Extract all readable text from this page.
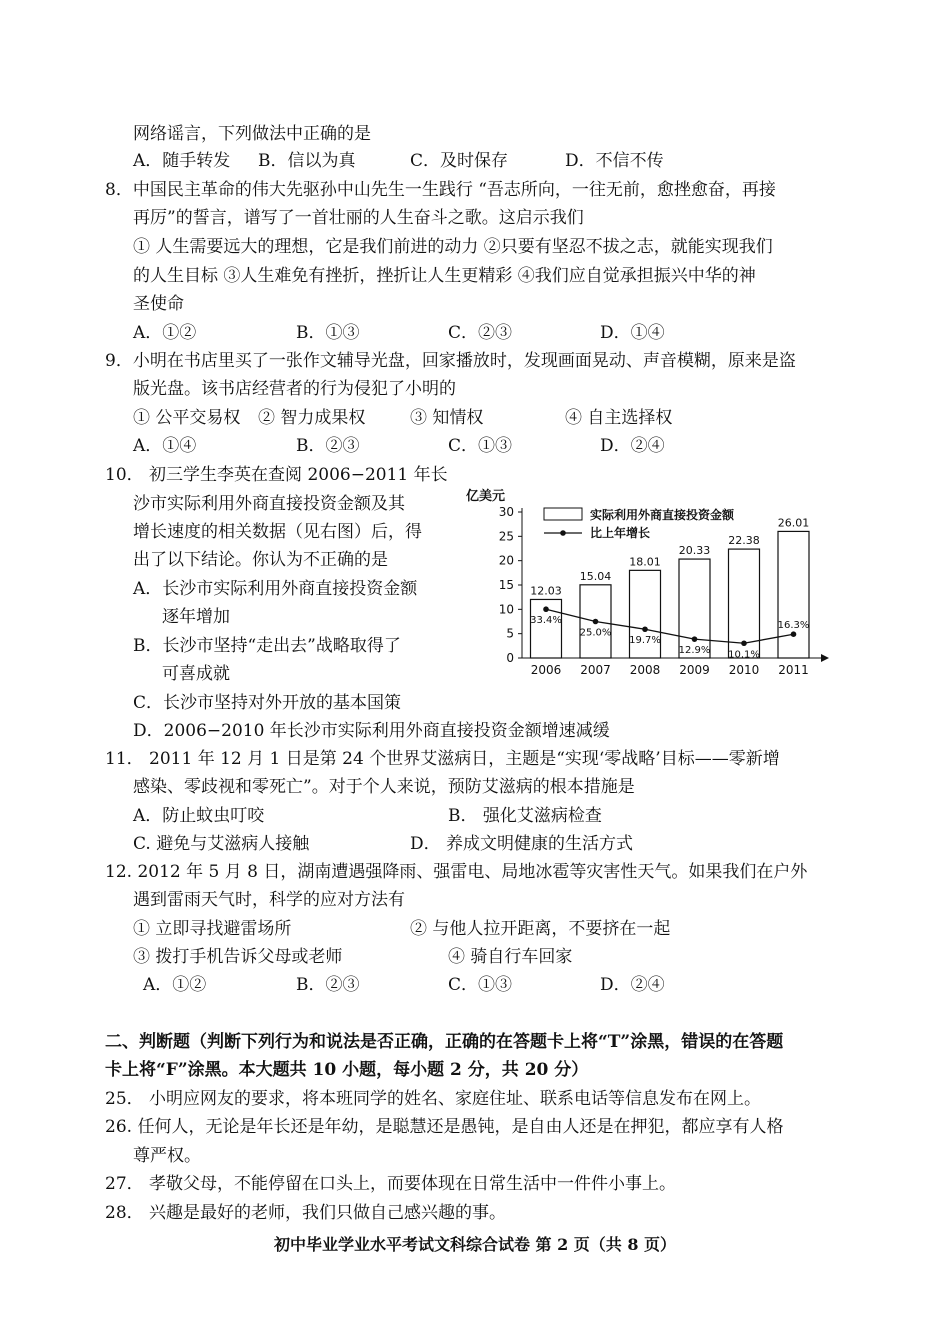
网络谣言，下列做法中正确的是
A．随手转发 B．信以为真	C．及时保存	D．不信不传
8．中国民主革命的伟大先驱孙中山先生一生践行 “吾志所向，一往无前，愈挫愈奋，再接
再厉”的誓言，谱写了一首壮丽的人生奋斗之歌。这启示我们
① 人生需要远大的理想，它是我们前进的动力 ②只要有坚忍不拔之志，就能实现我们
的人生目标 ③人生难免有挫折，挫折让人生更精彩 ④我们应自觉承担振兴中华的神
圣使命
A．①②	B．①③	C．②③	D．①④
9．小明在书店里买了一张作文辅导光盘，回家播放时，发现画面晃动、声音模糊，原来是盗
版光盘。该书店经营者的行为侵犯了小明的
① 公平交易权 ② 智力成果权	③ 知情权	④ 自主选择权
A．①④	B．②③	C．①③	D．②④
10． 初三学生李英在查阅 2006−2011 年长
沙市实际利用外商直接投资金额及其
增长速度的相关数据（见右图）后，得
出了以下结论。你认为不正确的是
A．长沙市实际利用外商直接投资金额
逐年增加
B．长沙市坚持“走出去”战略取得了
可喜成就
C．长沙市坚持对外开放的基本国策
D．2006−2010 年长沙市实际利用外商直接投资金额增速减缓
亿美元
0
5
10
15
20
25
30
12.03
2006
15.04
2007
18.01
2008
20.33
2009
22.38
2010
26.01
2011
33.4%
25.0%
19.7%
12.9% 10.1%
16.3%
实际利用外商直接投资金额
比上年增长
11． 2011 年 12 月 1 日是第 24 个世界艾滋病日，主题是“实现‘零战略’目标——零新增
感染、零歧视和零死亡”。对于个人来说，预防艾滋病的根本措施是
A．防止蚊虫叮咬	B． 强化艾滋病检查
C. 避免与艾滋病人接触	D． 养成文明健康的生活方式
12. 2012 年 5 月 8 日，湖南遭遇强降雨、强雷电、局地冰雹等灾害性天气。如果我们在户外
遇到雷雨天气时，科学的应对方法有
① 立即寻找避雷场所	② 与他人拉开距离，不要挤在一起
③ 拨打手机告诉父母或老师	④ 骑自行车回家
A．①②	B．②③	C．①③	D．②④
二、判断题（判断下列行为和说法是否正确，正确的在答题卡上将“T”涂黑，错误的在答题
卡上将“F”涂黑。本大题共 10 小题，每小题 2 分，共 20 分）
25． 小明应网友的要求，将本班同学的姓名、家庭住址、联系电话等信息发布在网上。
26. 任何人，无论是年长还是年幼，是聪慧还是愚钝，是自由人还是在押犯，都应享有人格
尊严权。
27． 孝敬父母，不能停留在口头上，而要体现在日常生活中一件件小事上。
28． 兴趣是最好的老师，我们只做自己感兴趣的事。
初中毕业学业水平考试文科综合试卷 第 2 页（共 8 页）
